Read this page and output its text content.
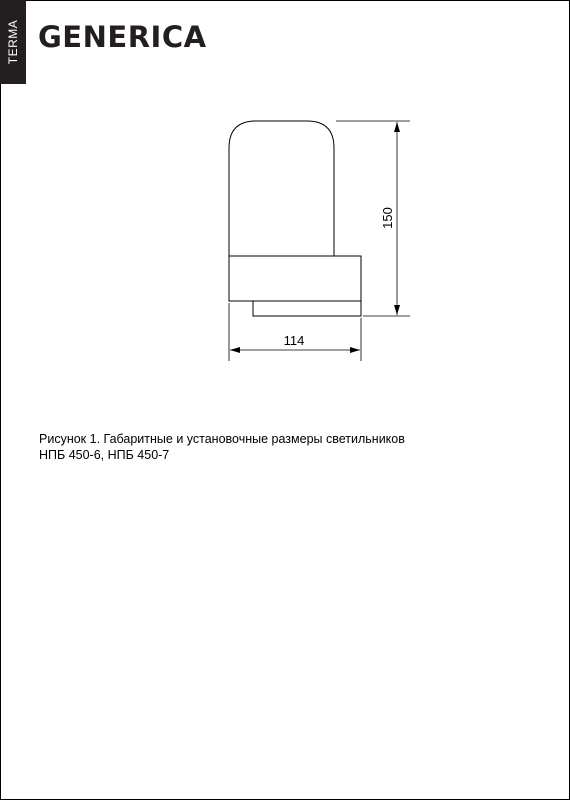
TERMA GENERICA
150
114
Рисунок 1. Габаритные и установочные размеры светильников
НПБ 450-6, НПБ 450-7
